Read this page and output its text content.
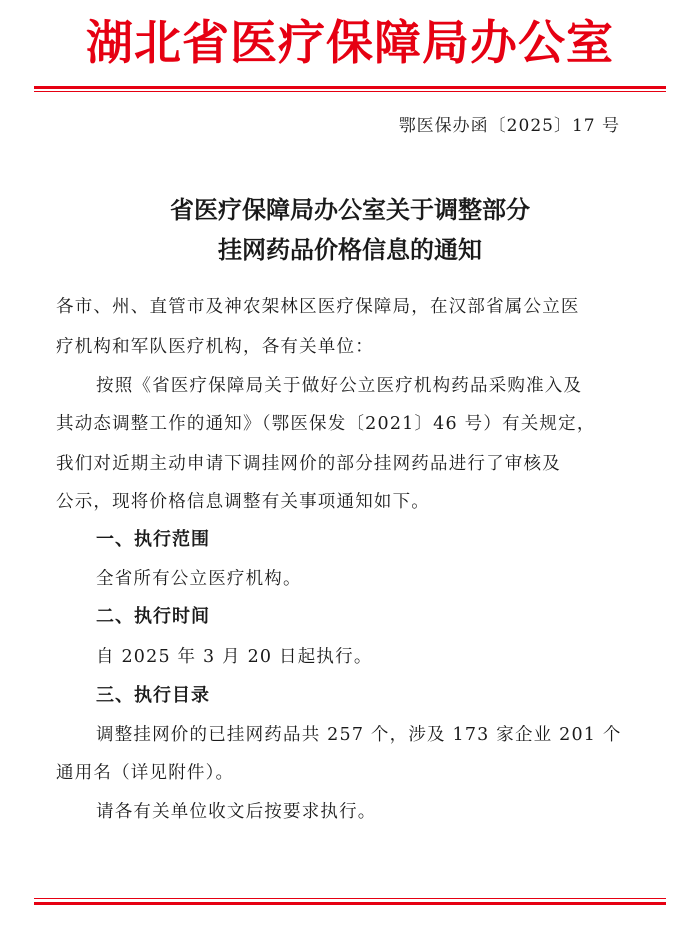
湖北省医疗保障局办公室
鄂医保办函〔2025〕17 号
省医疗保障局办公室关于调整部分
挂网药品价格信息的通知
各市、州、直管市及神农架林区医疗保障局，在汉部省属公立医
疗机构和军队医疗机构，各有关单位：
按照《省医疗保障局关于做好公立医疗机构药品采购准入及
其动态调整工作的通知》（鄂医保发〔2021〕46 号）有关规定，
我们对近期主动申请下调挂网价的部分挂网药品进行了审核及
公示，现将价格信息调整有关事项通知如下。
一、执行范围
全省所有公立医疗机构。
二、执行时间
自 2025 年 3 月 20 日起执行。
三、执行目录
调整挂网价的已挂网药品共 257 个，涉及 173 家企业 201 个
通用名（详见附件）。
请各有关单位收文后按要求执行。
